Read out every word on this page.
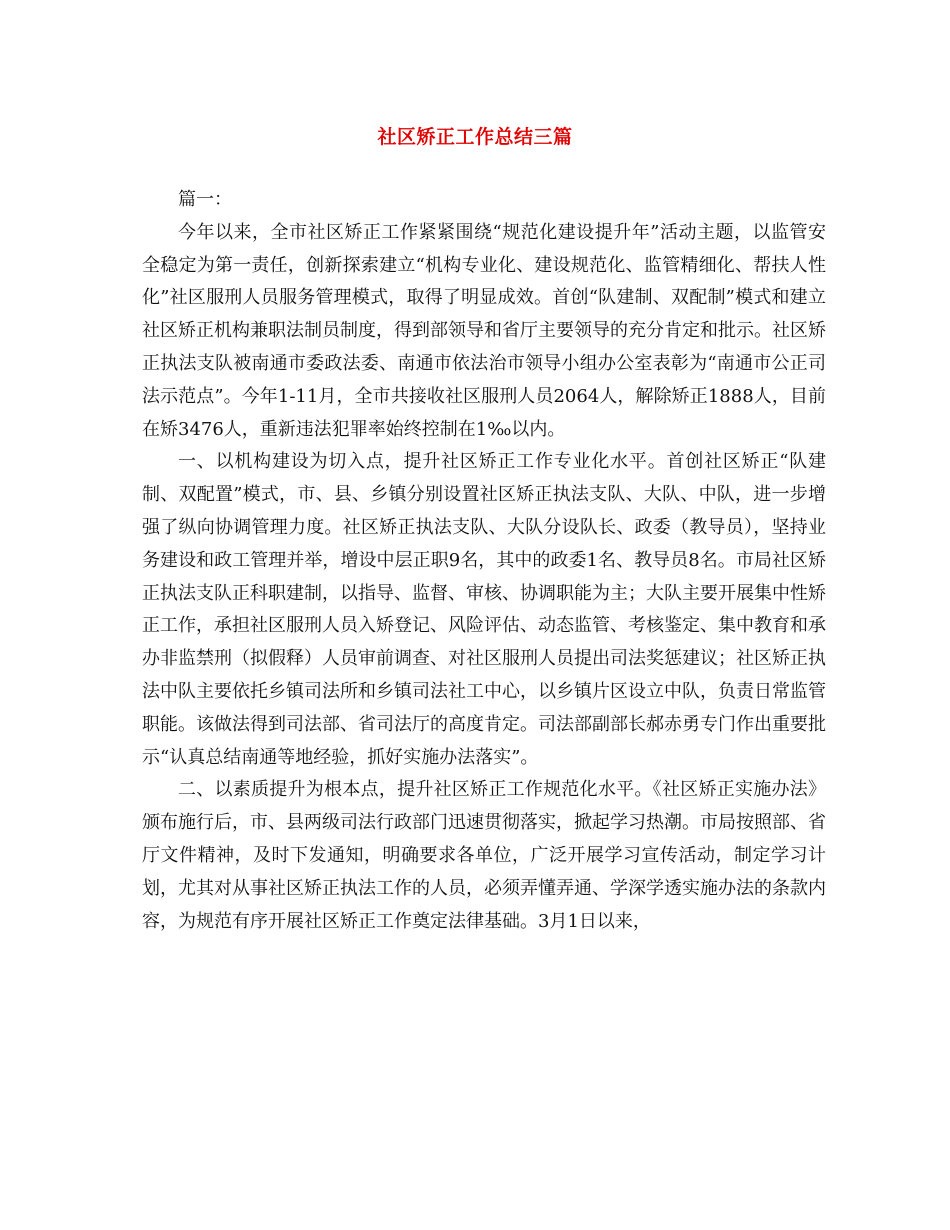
社区矫正工作总结三篇

篇一：

今年以来，全市社区矫正工作紧紧围绕“规范化建设提升年”活动主题，以监管安全稳定为第一责任，创新探索建立“机构专业化、建设规范化、监管精细化、帮扶人性化”社区服刑人员服务管理模式，取得了明显成效。首创“队建制、双配制”模式和建立社区矫正机构兼职法制员制度，得到部领导和省厅主要领导的充分肯定和批示。社区矫正执法支队被南通市委政法委、南通市依法治市领导小组办公室表彰为“南通市公正司法示范点”。今年1-11月，全市共接收社区服刑人员2064人，解除矫正1888人，目前在矫3476人，重新违法犯罪率始终控制在1‰以内。

一、以机构建设为切入点，提升社区矫正工作专业化水平。首创社区矫正“队建制、双配置”模式，市、县、乡镇分别设置社区矫正执法支队、大队、中队，进一步增强了纵向协调管理力度。社区矫正执法支队、大队分设队长、政委（教导员），坚持业务建设和政工管理并举，增设中层正职9名，其中的政委1名、教导员8名。市局社区矫正执法支队正科职建制，以指导、监督、审核、协调职能为主；大队主要开展集中性矫正工作，承担社区服刑人员入矫登记、风险评估、动态监管、考核鉴定、集中教育和承办非监禁刑（拟假释）人员审前调查、对社区服刑人员提出司法奖惩建议；社区矫正执法中队主要依托乡镇司法所和乡镇司法社工中心，以乡镇片区设立中队，负责日常监管职能。该做法得到司法部、省司法厅的高度肯定。司法部副部长郝赤勇专门作出重要批示“认真总结南通等地经验，抓好实施办法落实”。

二、以素质提升为根本点，提升社区矫正工作规范化水平。《社区矫正实施办法》颁布施行后，市、县两级司法行政部门迅速贯彻落实，掀起学习热潮。市局按照部、省厅文件精神，及时下发通知，明确要求各单位，广泛开展学习宣传活动，制定学习计划，尤其对从事社区矫正执法工作的人员，必须弄懂弄通、学深学透实施办法的条款内容，为规范有序开展社区矫正工作奠定法律基础。3月1日以来，
